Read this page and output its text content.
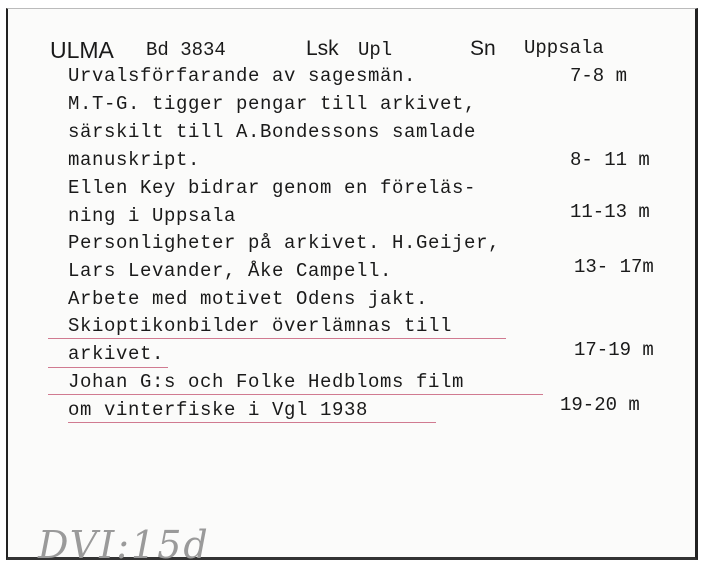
ULMA Bd 3834	Lsk Upl	Sn Uppsala
Urvalsförfarande av sagesmän.
M.T-G. tigger pengar till arkivet,
särskilt till A.Bondessons samlade
manuskript.
Ellen Key bidrar genom en föreläs-
ning i Uppsala
Personligheter på arkivet. H.Geijer,
Lars Levander, Åke Campell.
Arbete med motivet Odens jakt.
Skioptikonbilder överlämnas till
arkivet.
Johan G:s och Folke Hedbloms film
om vinterfiske i Vgl 1938
7-8 m
8- 11 m
11-13 m
13- 17m
17-19 m
19-20 m
DVI:15d
